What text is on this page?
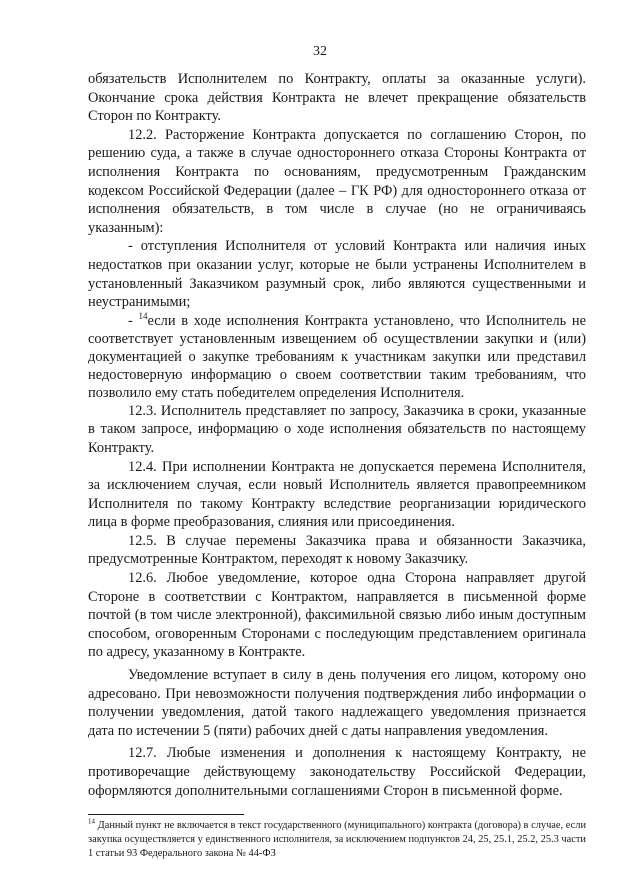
32

обязательств Исполнителем по Контракту, оплаты за оказанные услуги). Окончание срока действия Контракта не влечет прекращение обязательств Сторон по Контракту.

12.2. Расторжение Контракта допускается по соглашению Сторон, по решению суда, а также в случае одностороннего отказа Стороны Контракта от исполнения Контракта по основаниям, предусмотренным Гражданским кодексом Российской Федерации (далее – ГК РФ) для одностороннего отказа от исполнения обязательств, в том числе в случае (но не ограничиваясь указанным):

- отступления Исполнителя от условий Контракта или наличия иных недостатков при оказании услуг, которые не были устранены Исполнителем в установленный Заказчиком разумный срок, либо являются существенными и неустранимыми;

- $^{14}$если в ходе исполнения Контракта установлено, что Исполнитель не соответствует установленным извещением об осуществлении закупки и (или) документацией о закупке требованиям к участникам закупки или представил недостоверную информацию о своем соответствии таким требованиям, что позволило ему стать победителем определения Исполнителя.

12.3. Исполнитель представляет по запросу, Заказчика в сроки, указанные в таком запросе, информацию о ходе исполнения обязательств по настоящему Контракту.

12.4. При исполнении Контракта не допускается перемена Исполнителя, за исключением случая, если новый Исполнитель является правопреемником Исполнителя по такому Контракту вследствие реорганизации юридического лица в форме преобразования, слияния или присоединения.

12.5. В случае перемены Заказчика права и обязанности Заказчика, предусмотренные Контрактом, переходят к новому Заказчику.

12.6. Любое уведомление, которое одна Сторона направляет другой Стороне в соответствии с Контрактом, направляется в письменной форме почтой (в том числе электронной), факсимильной связью либо иным доступным способом, оговоренным Сторонами с последующим представлением оригинала по адресу, указанному в Контракте.

Уведомление вступает в силу в день получения его лицом, которому оно адресовано. При невозможности получения подтверждения либо информации о получении уведомления, датой такого надлежащего уведомления признается дата по истечении 5 (пяти) рабочих дней с даты направления уведомления.

12.7. Любые изменения и дополнения к настоящему Контракту, не противоречащие действующему законодательству Российской Федерации, оформляются дополнительными соглашениями Сторон в письменной форме.

$^{14}$ Данный пункт не включается в текст государственного (муниципального) контракта (договора) в случае, если закупка осуществляется у единственного исполнителя, за исключением подпунктов 24, 25, 25.1, 25.2, 25.3 части 1 статьи 93 Федерального закона № 44-ФЗ
